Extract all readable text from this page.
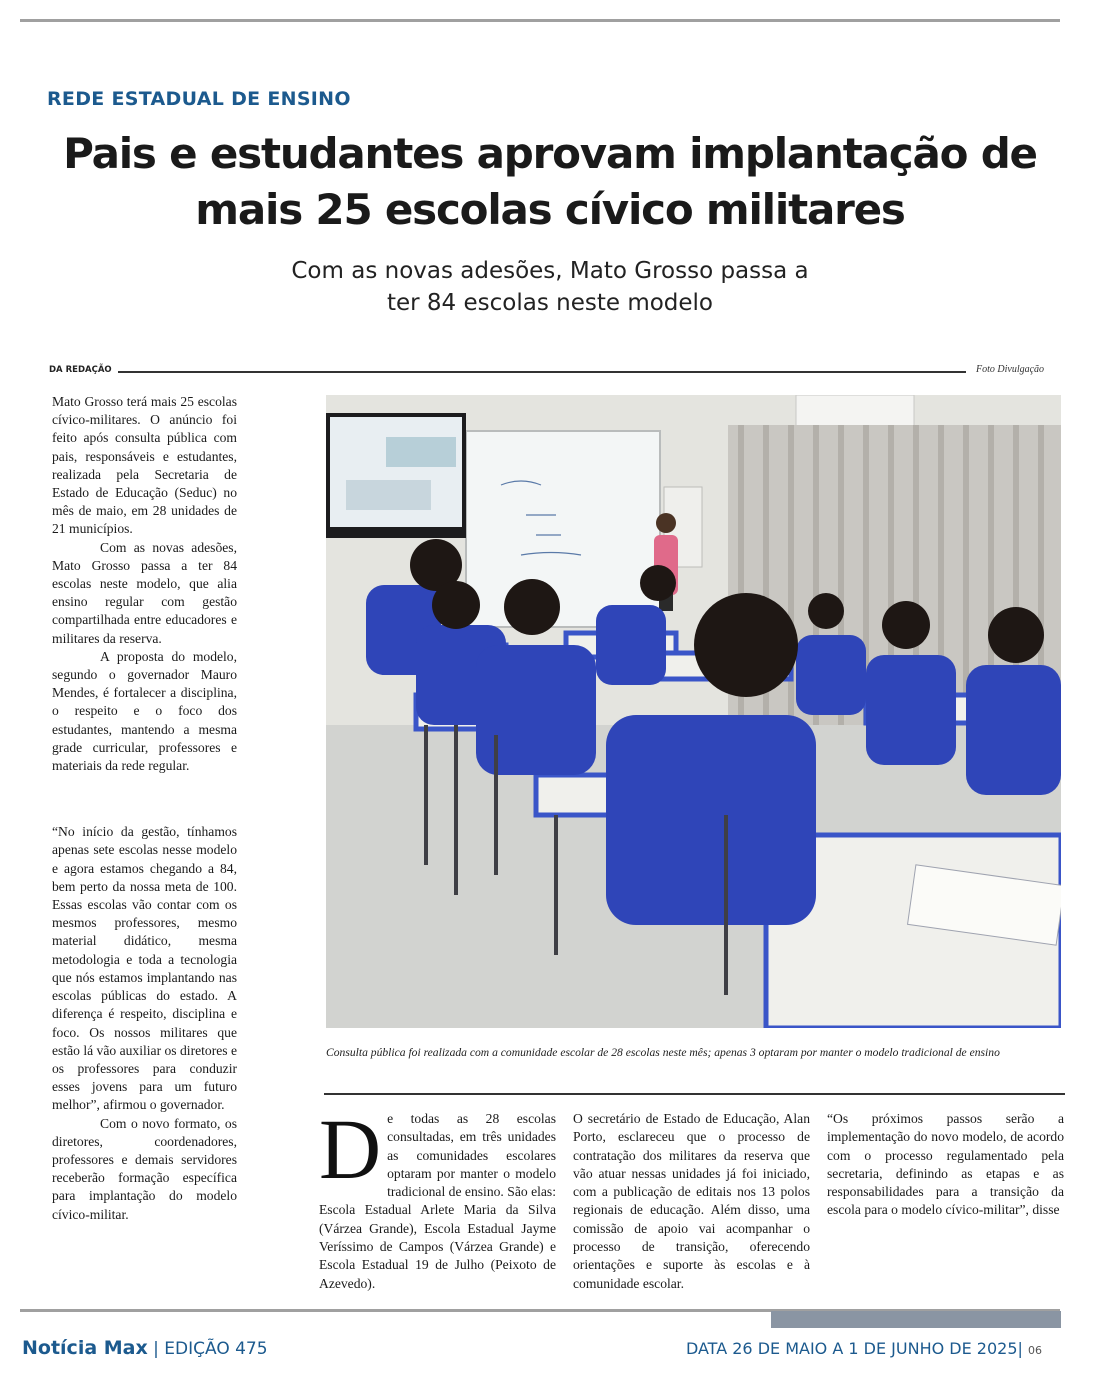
REDE ESTADUAL DE ENSINO
Pais e estudantes aprovam implantação de
mais 25 escolas cívico militares
Com as novas adesões, Mato Grosso passa a
ter 84 escolas neste modelo
DA REDAÇÃO	Foto Divulgação

Mato Grosso terá mais 25 escolas cívico-militares. O anúncio foi feito após consulta pública com pais, responsáveis e estudantes, realizada pela Secretaria de Estado de Educação (Seduc) no mês de maio, em 28 unidades de 21 municípios.

Com as novas adesões, Mato Grosso passa a ter 84 escolas neste modelo, que alia ensino regular com gestão compartilhada entre educadores e militares da reserva.

A proposta do modelo, segundo o governador Mauro Mendes, é fortalecer a disciplina, o respeito e o foco dos estudantes, mantendo a mesma grade curricular, professores e materiais da rede regular.

“No início da gestão, tínhamos apenas sete escolas nesse modelo e agora estamos chegando a 84, bem perto da nossa meta de 100. Essas escolas vão contar com os mesmos professores, mesmo material didático, mesma metodologia e toda a tecnologia que nós estamos implantando nas escolas públicas do estado. A diferença é respeito, disciplina e foco. Os nossos militares que estão lá vão auxiliar os diretores e os professores para conduzir esses jovens para um futuro melhor”, afirmou o governador.

Com o novo formato, os diretores, coordenadores, professores e demais servidores receberão formação específica para implantação do modelo cívico-militar.

Consulta pública foi realizada com a comunidade escolar de 28 escolas neste mês; apenas 3 optaram por manter o modelo tradicional de ensino

De todas as 28 escolas consultadas, em três unidades as comunidades escolares optaram por manter o modelo tradicional de ensino. São elas: Escola Estadual Arlete Maria da Silva (Várzea Grande), Escola Estadual Jayme Veríssimo de Campos (Várzea Grande) e Escola Estadual 19 de Julho (Peixoto de Azevedo).

O secretário de Estado de Educação, Alan Porto, esclareceu que o processo de contratação dos militares da reserva que vão atuar nessas unidades já foi iniciado, com a publicação de editais nos 13 polos regionais de educação. Além disso, uma comissão de apoio vai acompanhar o processo de transição, oferecendo orientações e suporte às escolas e à comunidade escolar.

“Os próximos passos serão a implementação do novo modelo, de acordo com o processo regulamentado pela secretaria, definindo as etapas e as responsabilidades para a transição da escola para o modelo cívico-militar”, disse

Notícia Max | EDIÇÃO 475	DATA 26 DE MAIO A 1 DE JUNHO DE 2025| 06
